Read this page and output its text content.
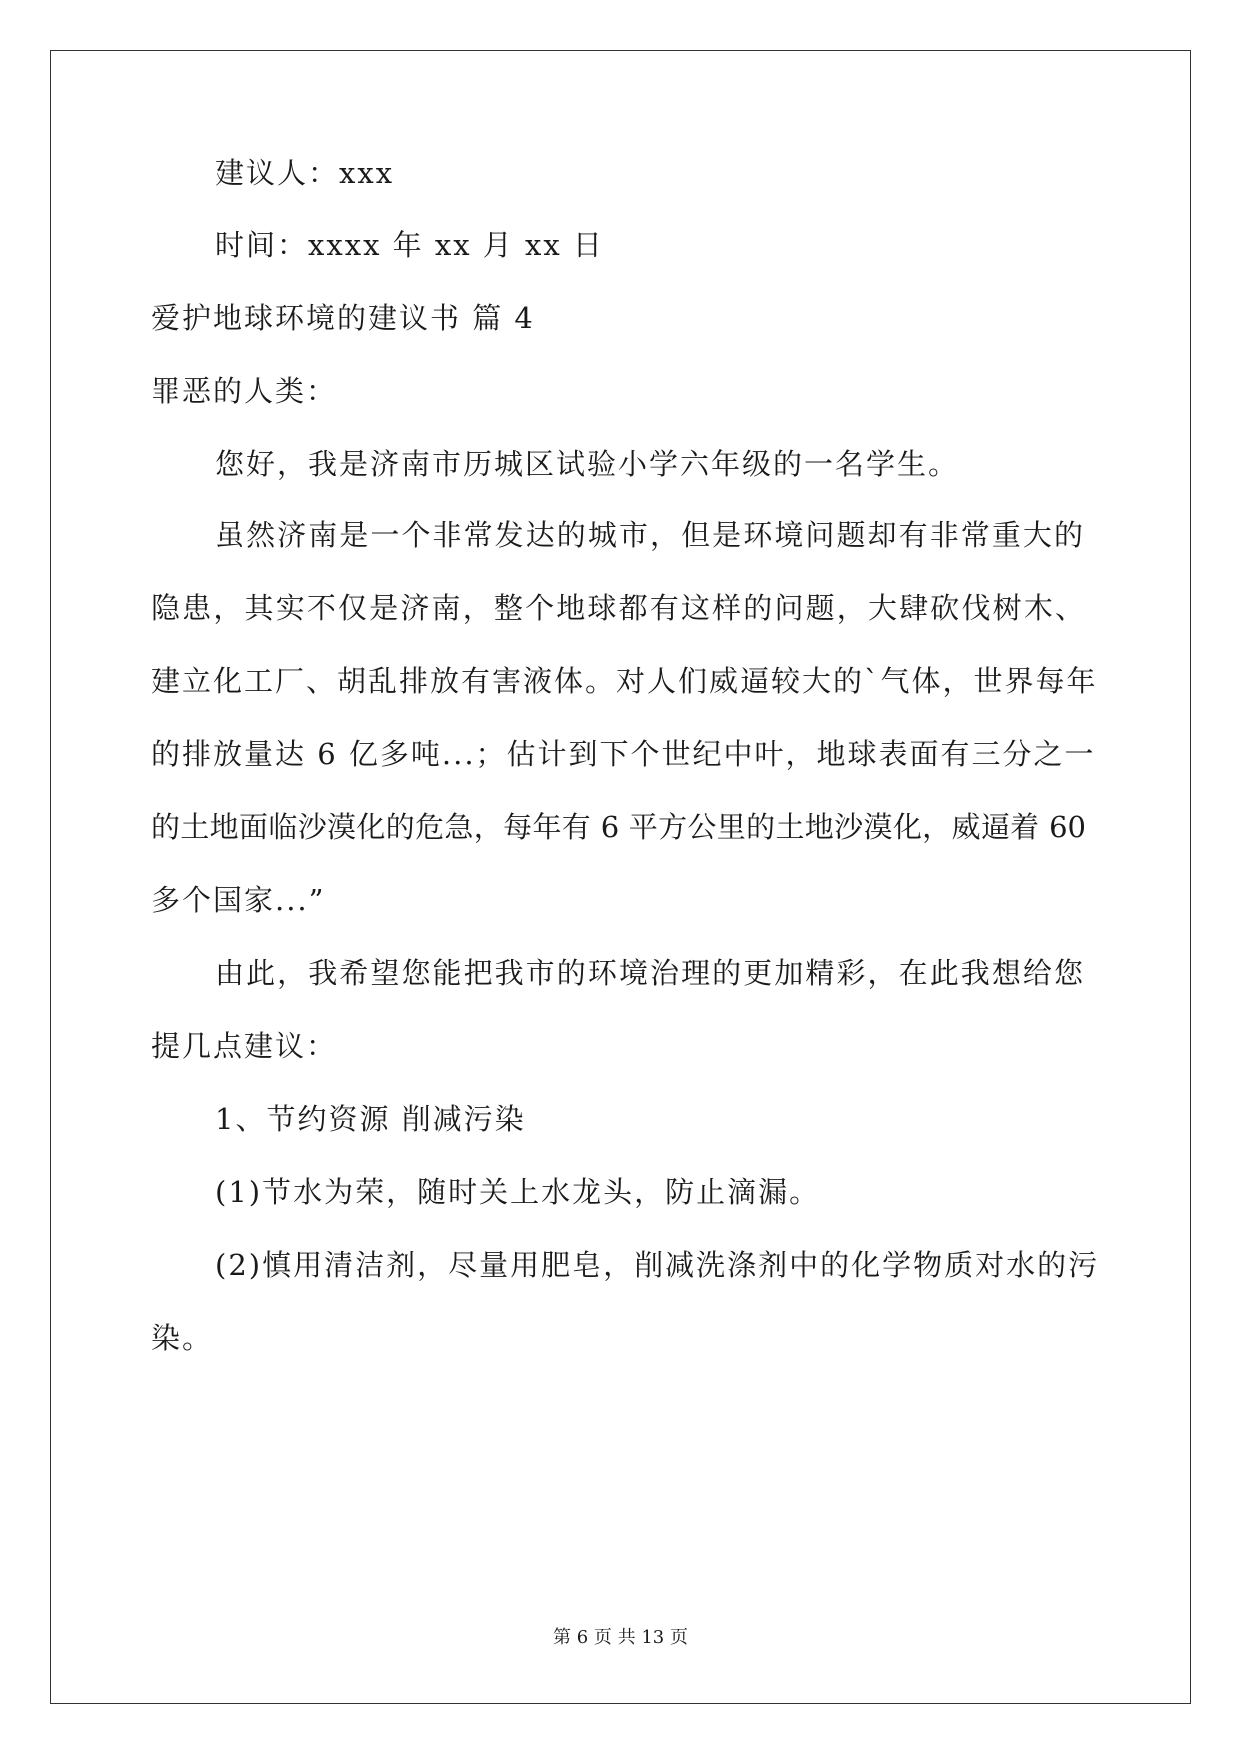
建议人：xxx
时间：xxxx 年 xx 月 xx 日
爱护地球环境的建议书 篇 4
罪恶的人类：
您好，我是济南市历城区试验小学六年级的一名学生。
虽然济南是一个非常发达的城市，但是环境问题却有非常重大的
隐患，其实不仅是济南，整个地球都有这样的问题，大肆砍伐树木、
建立化工厂、胡乱排放有害液体。对人们威逼较大的`气体，世界每年
的排放量达 6 亿多吨...；估计到下个世纪中叶，地球表面有三分之一
的土地面临沙漠化的危急，每年有 6 平方公里的土地沙漠化，威逼着 60
多个国家...”
由此，我希望您能把我市的环境治理的更加精彩，在此我想给您
提几点建议：
1、节约资源 削减污染
(1)节水为荣，随时关上水龙头，防止滴漏。
(2)慎用清洁剂，尽量用肥皂，削减洗涤剂中的化学物质对水的污
染。
第 6 页 共 13 页
